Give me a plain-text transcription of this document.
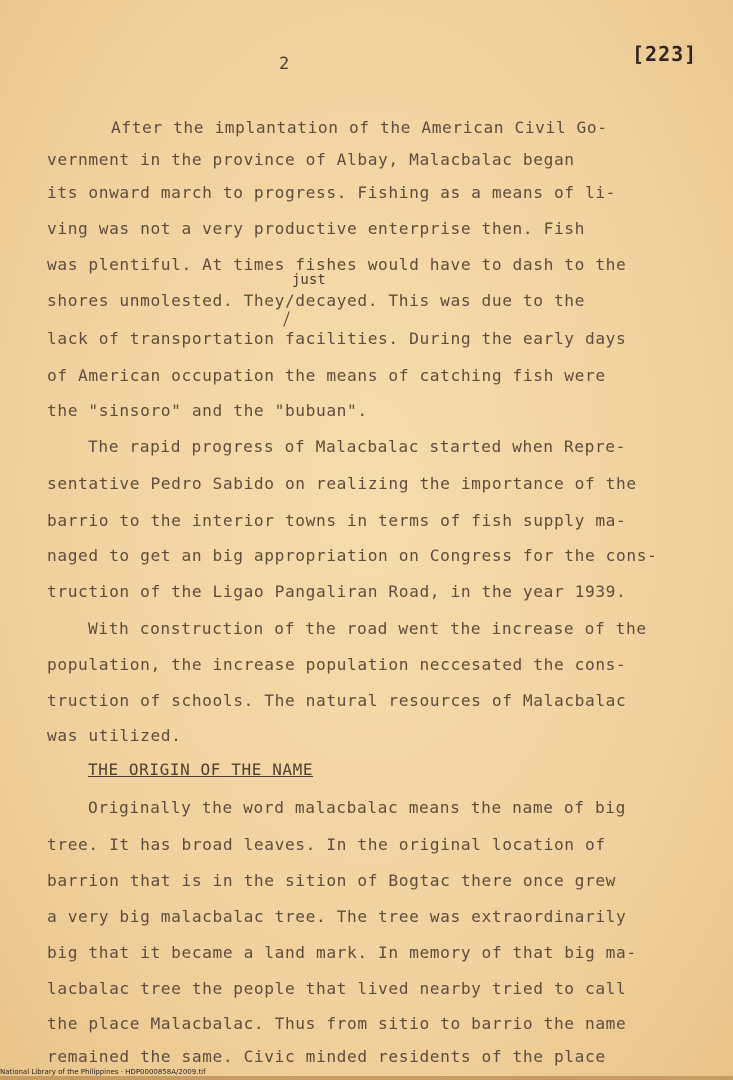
2	[223]
After the implantation of the American Civil Go-
vernment in the province of Albay, Malacbalac began
its onward march to progress. Fishing as a means of li-
ving was not a very productive enterprise then. Fish
was plentiful. At times fishes would have to dash to the
just
shores unmolested. They/decayed. This was due to the
lack of transportation facilities. During the early days
of American occupation the means of catching fish were
the "sinsoro" and the "bubuan".
The rapid progress of Malacbalac started when Repre-
sentative Pedro Sabido on realizing the importance of the
barrio to the interior towns in terms of fish supply ma-
naged to get an big appropriation on Congress for the cons-
truction of the Ligao Pangaliran Road, in the year 1939.
With construction of the road went the increase of the
population, the increase population neccesated the cons-
truction of schools. The natural resources of Malacbalac
was utilized.
THE ORIGIN OF THE NAME
Originally the word malacbalac means the name of big
tree. It has broad leaves. In the original location of
barrion that is in the sition of Bogtac there once grew
a very big malacbalac tree. The tree was extraordinarily
big that it became a land mark. In memory of that big ma-
lacbalac tree the people that lived nearby tried to call
the place Malacbalac. Thus from sitio to barrio the name
remained the same. Civic minded residents of the place
National Library of the Philippines · HDP0000858A/2009.tif
